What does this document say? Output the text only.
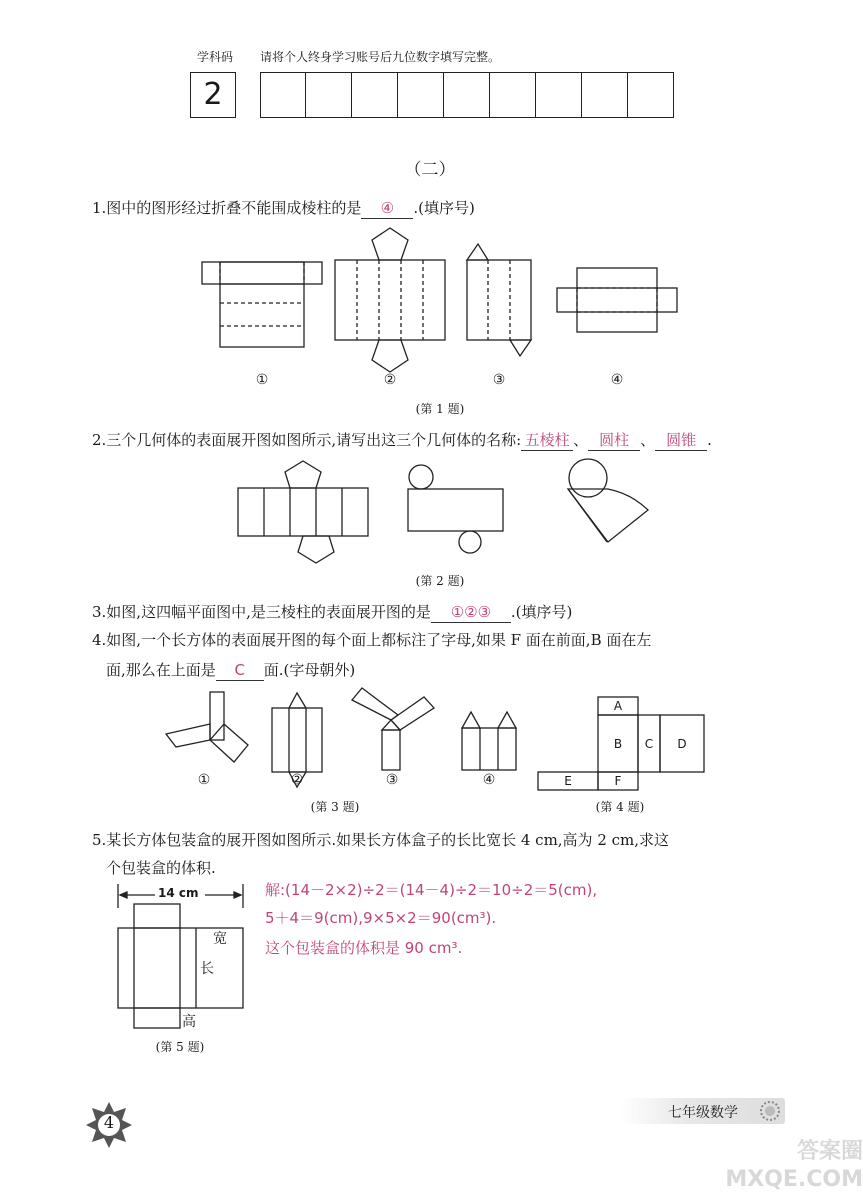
学科码 请将个人终身学习账号后九位数字填写完整。
2
（二）
1.图中的图形经过折叠不能围成棱柱的是 ④ .(填序号)
①	②	③	④
(第 1 题)
2.三个几何体的表面展开图如图所示,请写出这三个几何体的名称: 五棱柱 、 圆柱 、 圆锥 .
(第 2 题)
3.如图,这四幅平面图中,是三棱柱的表面展开图的是 ①②③ .(填序号)
4.如图,一个长方体的表面展开图的每个面上都标注了字母,如果 F 面在前面,B 面在左
面,那么在上面是 C 面.(字母朝外)
①	②	③	④
(第 3 题)
A
B	C	D
E	F
(第 4 题)
5.某长方体包装盒的展开图如图所示.如果长方体盒子的长比宽长 4 cm,高为 2 cm,求这
个包装盒的体积.
14 cm
宽
长
高
(第 5 题)
解:(14－2×2)÷2＝(14－4)÷2＝10÷2＝5(cm),
5＋4＝9(cm),9×5×2＝90(cm³).
这个包装盒的体积是 90 cm³.
4	七年级数学
答案圈 MXQE.COM
